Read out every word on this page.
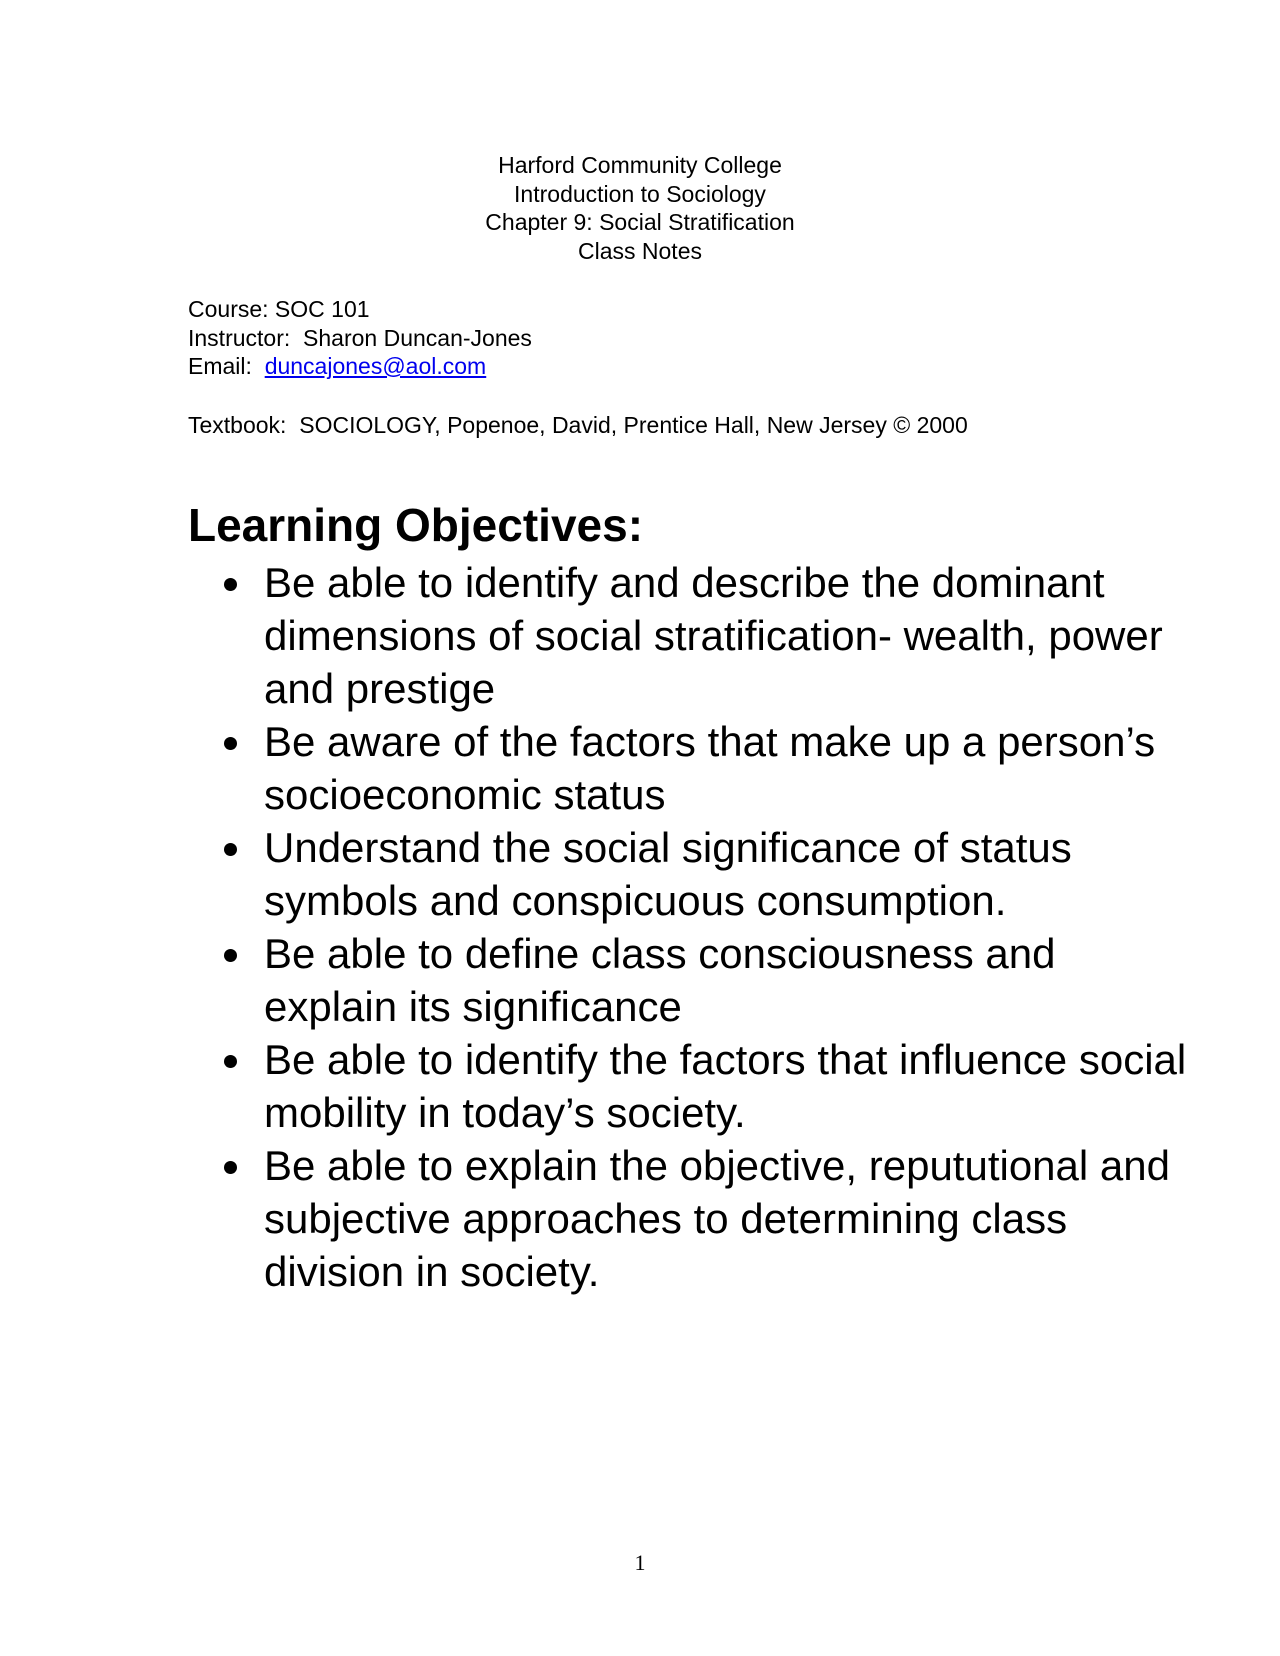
Harford Community College
Introduction to Sociology
Chapter 9: Social Stratification
Class Notes
Course: SOC 101
Instructor:  Sharon Duncan-Jones
Email:  duncajones@aol.com
Textbook:  SOCIOLOGY, Popenoe, David, Prentice Hall, New Jersey © 2000
Learning Objectives:
Be able to identify and describe the dominant dimensions of social stratification- wealth, power and prestige
Be aware of the factors that make up a person’s socioeconomic status
Understand the social significance of status symbols and conspicuous consumption.
Be able to define class consciousness and explain its significance
Be able to identify the factors that influence social mobility in today’s society.
Be able to explain the objective, repututional and subjective approaches to determining class division in society.
1
